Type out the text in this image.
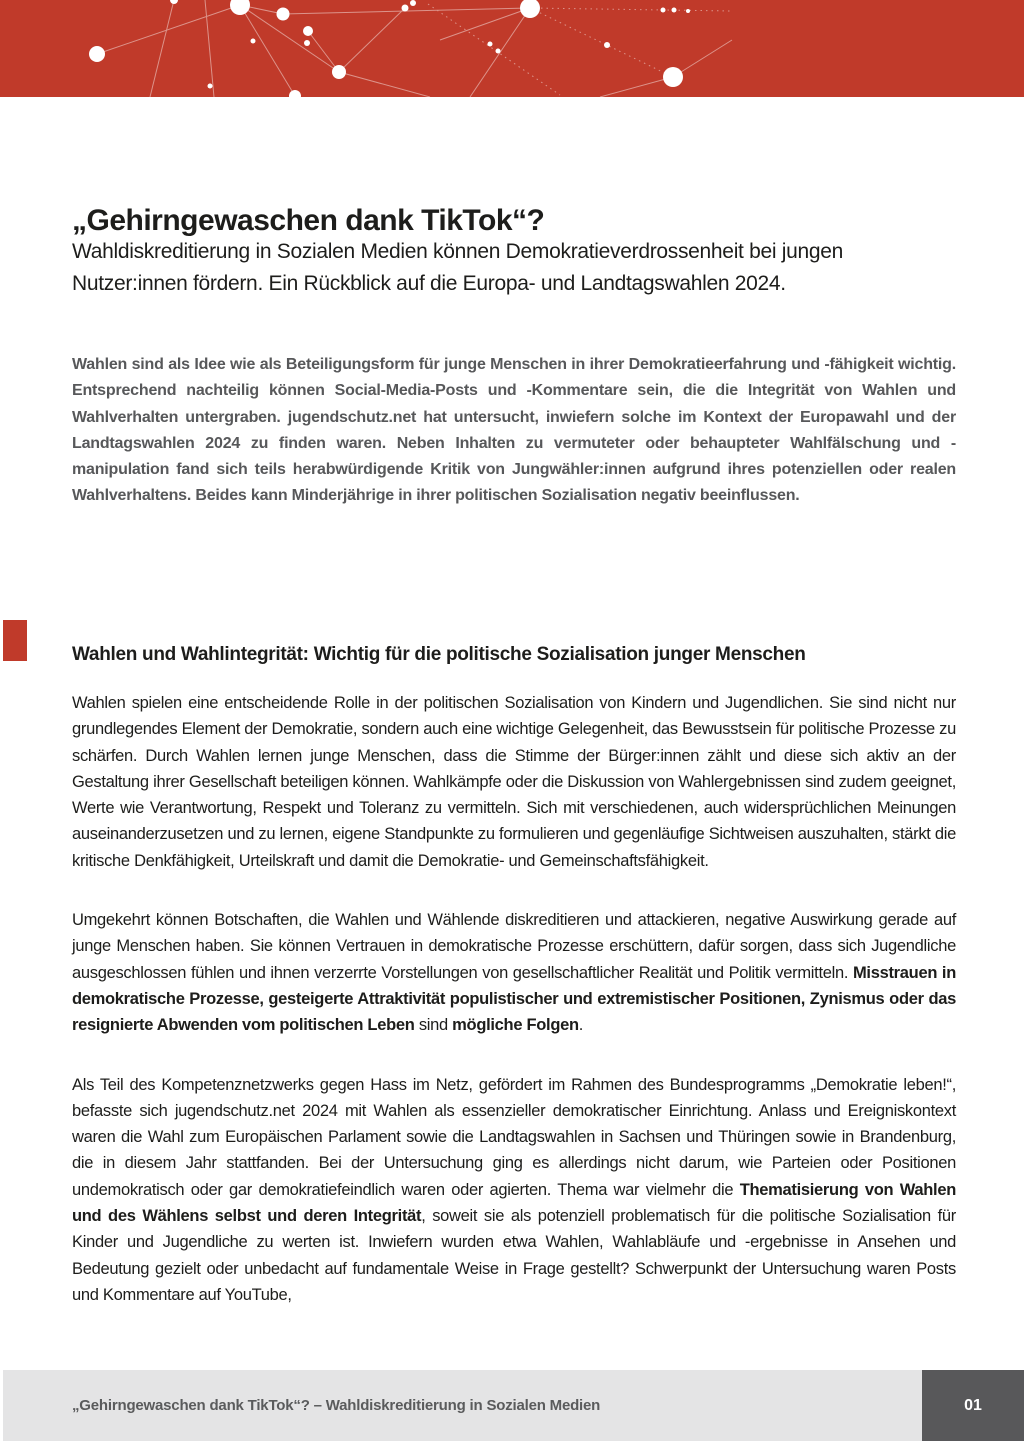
„Gehirngewaschen dank TikTok“?
Wahldiskreditierung in Sozialen Medien können Demokratieverdrossenheit bei jungen Nutzer:innen fördern. Ein Rückblick auf die Europa- und Landtagswahlen 2024.
Wahlen sind als Idee wie als Beteiligungsform für junge Menschen in ihrer Demokratieerfahrung und -fähigkeit wichtig. Entsprechend nachteilig können Social-Media-Posts und -Kommentare sein, die die Integrität von Wahlen und Wahlverhalten untergraben. jugendschutz.net hat untersucht, inwiefern solche im Kontext der Europawahl und der Landtagswahlen 2024 zu finden waren. Neben Inhalten zu vermuteter oder behaupteter Wahlfälschung und -manipulation fand sich teils herabwürdigende Kritik von Jungwähler:innen aufgrund ihres potenziellen oder realen Wahlverhaltens. Beides kann Minderjährige in ihrer politischen Sozialisation negativ beeinflussen.
Wahlen und Wahlintegrität: Wichtig für die politische Sozialisation junger Menschen

Wahlen spielen eine entscheidende Rolle in der politischen Sozialisation von Kindern und Jugendlichen. Sie sind nicht nur grundlegendes Element der Demokratie, sondern auch eine wichtige Gelegenheit, das Bewusstsein für politische Prozesse zu schärfen. Durch Wahlen lernen junge Menschen, dass die Stimme der Bürger:innen zählt und diese sich aktiv an der Gestaltung ihrer Gesellschaft beteiligen können. Wahlkämpfe oder die Diskussion von Wahlergebnissen sind zudem geeignet, Werte wie Verantwortung, Respekt und Toleranz zu vermitteln. Sich mit verschiedenen, auch widersprüchlichen Meinungen auseinanderzusetzen und zu lernen, eigene Standpunkte zu formulieren und gegenläufige Sichtweisen auszuhalten, stärkt die kritische Denkfähigkeit, Urteilskraft und damit die Demokratie- und Gemeinschaftsfähigkeit.

Umgekehrt können Botschaften, die Wahlen und Wählende diskreditieren und attackieren, negative Auswirkung gerade auf junge Menschen haben. Sie können Vertrauen in demokratische Prozesse erschüttern, dafür sorgen, dass sich Jugendliche ausgeschlossen fühlen und ihnen verzerrte Vorstellungen von gesellschaftlicher Realität und Politik vermitteln. Misstrauen in demokratische Prozesse, gesteigerte Attraktivität populistischer und extremistischer Positionen, Zynismus oder das resignierte Abwenden vom politischen Leben sind mögliche Folgen.

Als Teil des Kompetenznetzwerks gegen Hass im Netz, gefördert im Rahmen des Bundesprogramms „Demokratie leben!“, befasste sich jugendschutz.net 2024 mit Wahlen als essenzieller demokratischer Einrichtung. Anlass und Ereigniskontext waren die Wahl zum Europäischen Parlament sowie die Landtagswahlen in Sachsen und Thüringen sowie in Brandenburg, die in diesem Jahr stattfanden. Bei der Untersuchung ging es allerdings nicht darum, wie Parteien oder Positionen undemokratisch oder gar demokratiefeindlich waren oder agierten. Thema war vielmehr die Thematisierung von Wahlen und des Wählens selbst und deren Integrität, soweit sie als potenziell problematisch für die politische Sozialisation für Kinder und Jugendliche zu werten ist. Inwiefern wurden etwa Wahlen, Wahlabläufe und -ergebnisse in Ansehen und Bedeutung gezielt oder unbedacht auf fundamentale Weise in Frage gestellt? Schwerpunkt der Untersuchung waren Posts und Kommentare auf YouTube,

„Gehirngewaschen dank TikTok“? – Wahldiskreditierung in Sozialen Medien	01
